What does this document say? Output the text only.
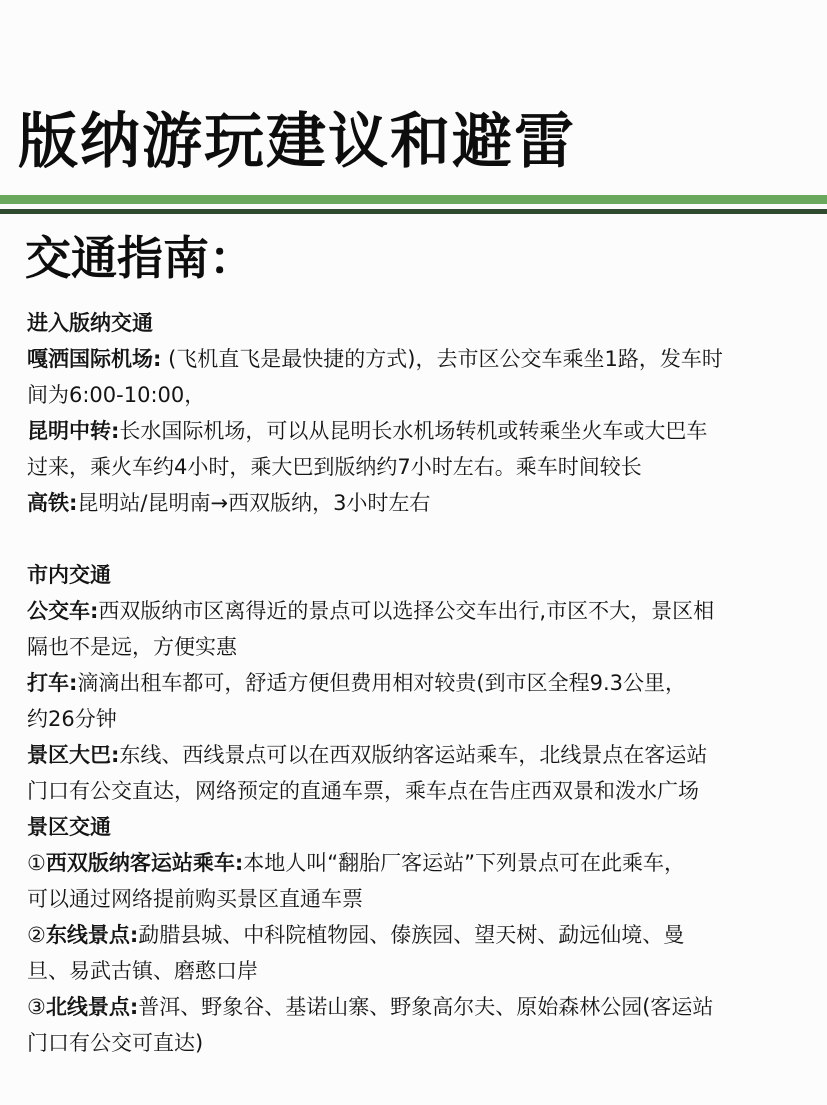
版纳游玩建议和避雷
交通指南：
进入版纳交通
嘎洒国际机场: (飞机直飞是最快捷的方式)，去市区公交车乘坐1路，发车时
间为6:00-10:00，
昆明中转:长水国际机场，可以从昆明长水机场转机或转乘坐火车或大巴车
过来，乘火车约4小时，乘大巴到版纳约7小时左右。乘车时间较长
高铁:昆明站/昆明南→西双版纳，3小时左右
市内交通
公交车:西双版纳市区离得近的景点可以选择公交车出行,市区不大，景区相
隔也不是远，方便实惠
打车:滴滴出租车都可，舒适方便但费用相对较贵(到市区全程9.3公里，
约26分钟
景区大巴:东线、西线景点可以在西双版纳客运站乘车，北线景点在客运站
门口有公交直达，网络预定的直通车票，乘车点在告庄西双景和泼水广场
景区交通
①西双版纳客运站乘车:本地人叫“翻胎厂客运站”下列景点可在此乘车，
可以通过网络提前购买景区直通车票
②东线景点:勐腊县城、中科院植物园、傣族园、望天树、勐远仙境、曼
旦、易武古镇、磨憨口岸
③北线景点:普洱、野象谷、基诺山寨、野象高尔夫、原始森林公园(客运站
门口有公交可直达)
